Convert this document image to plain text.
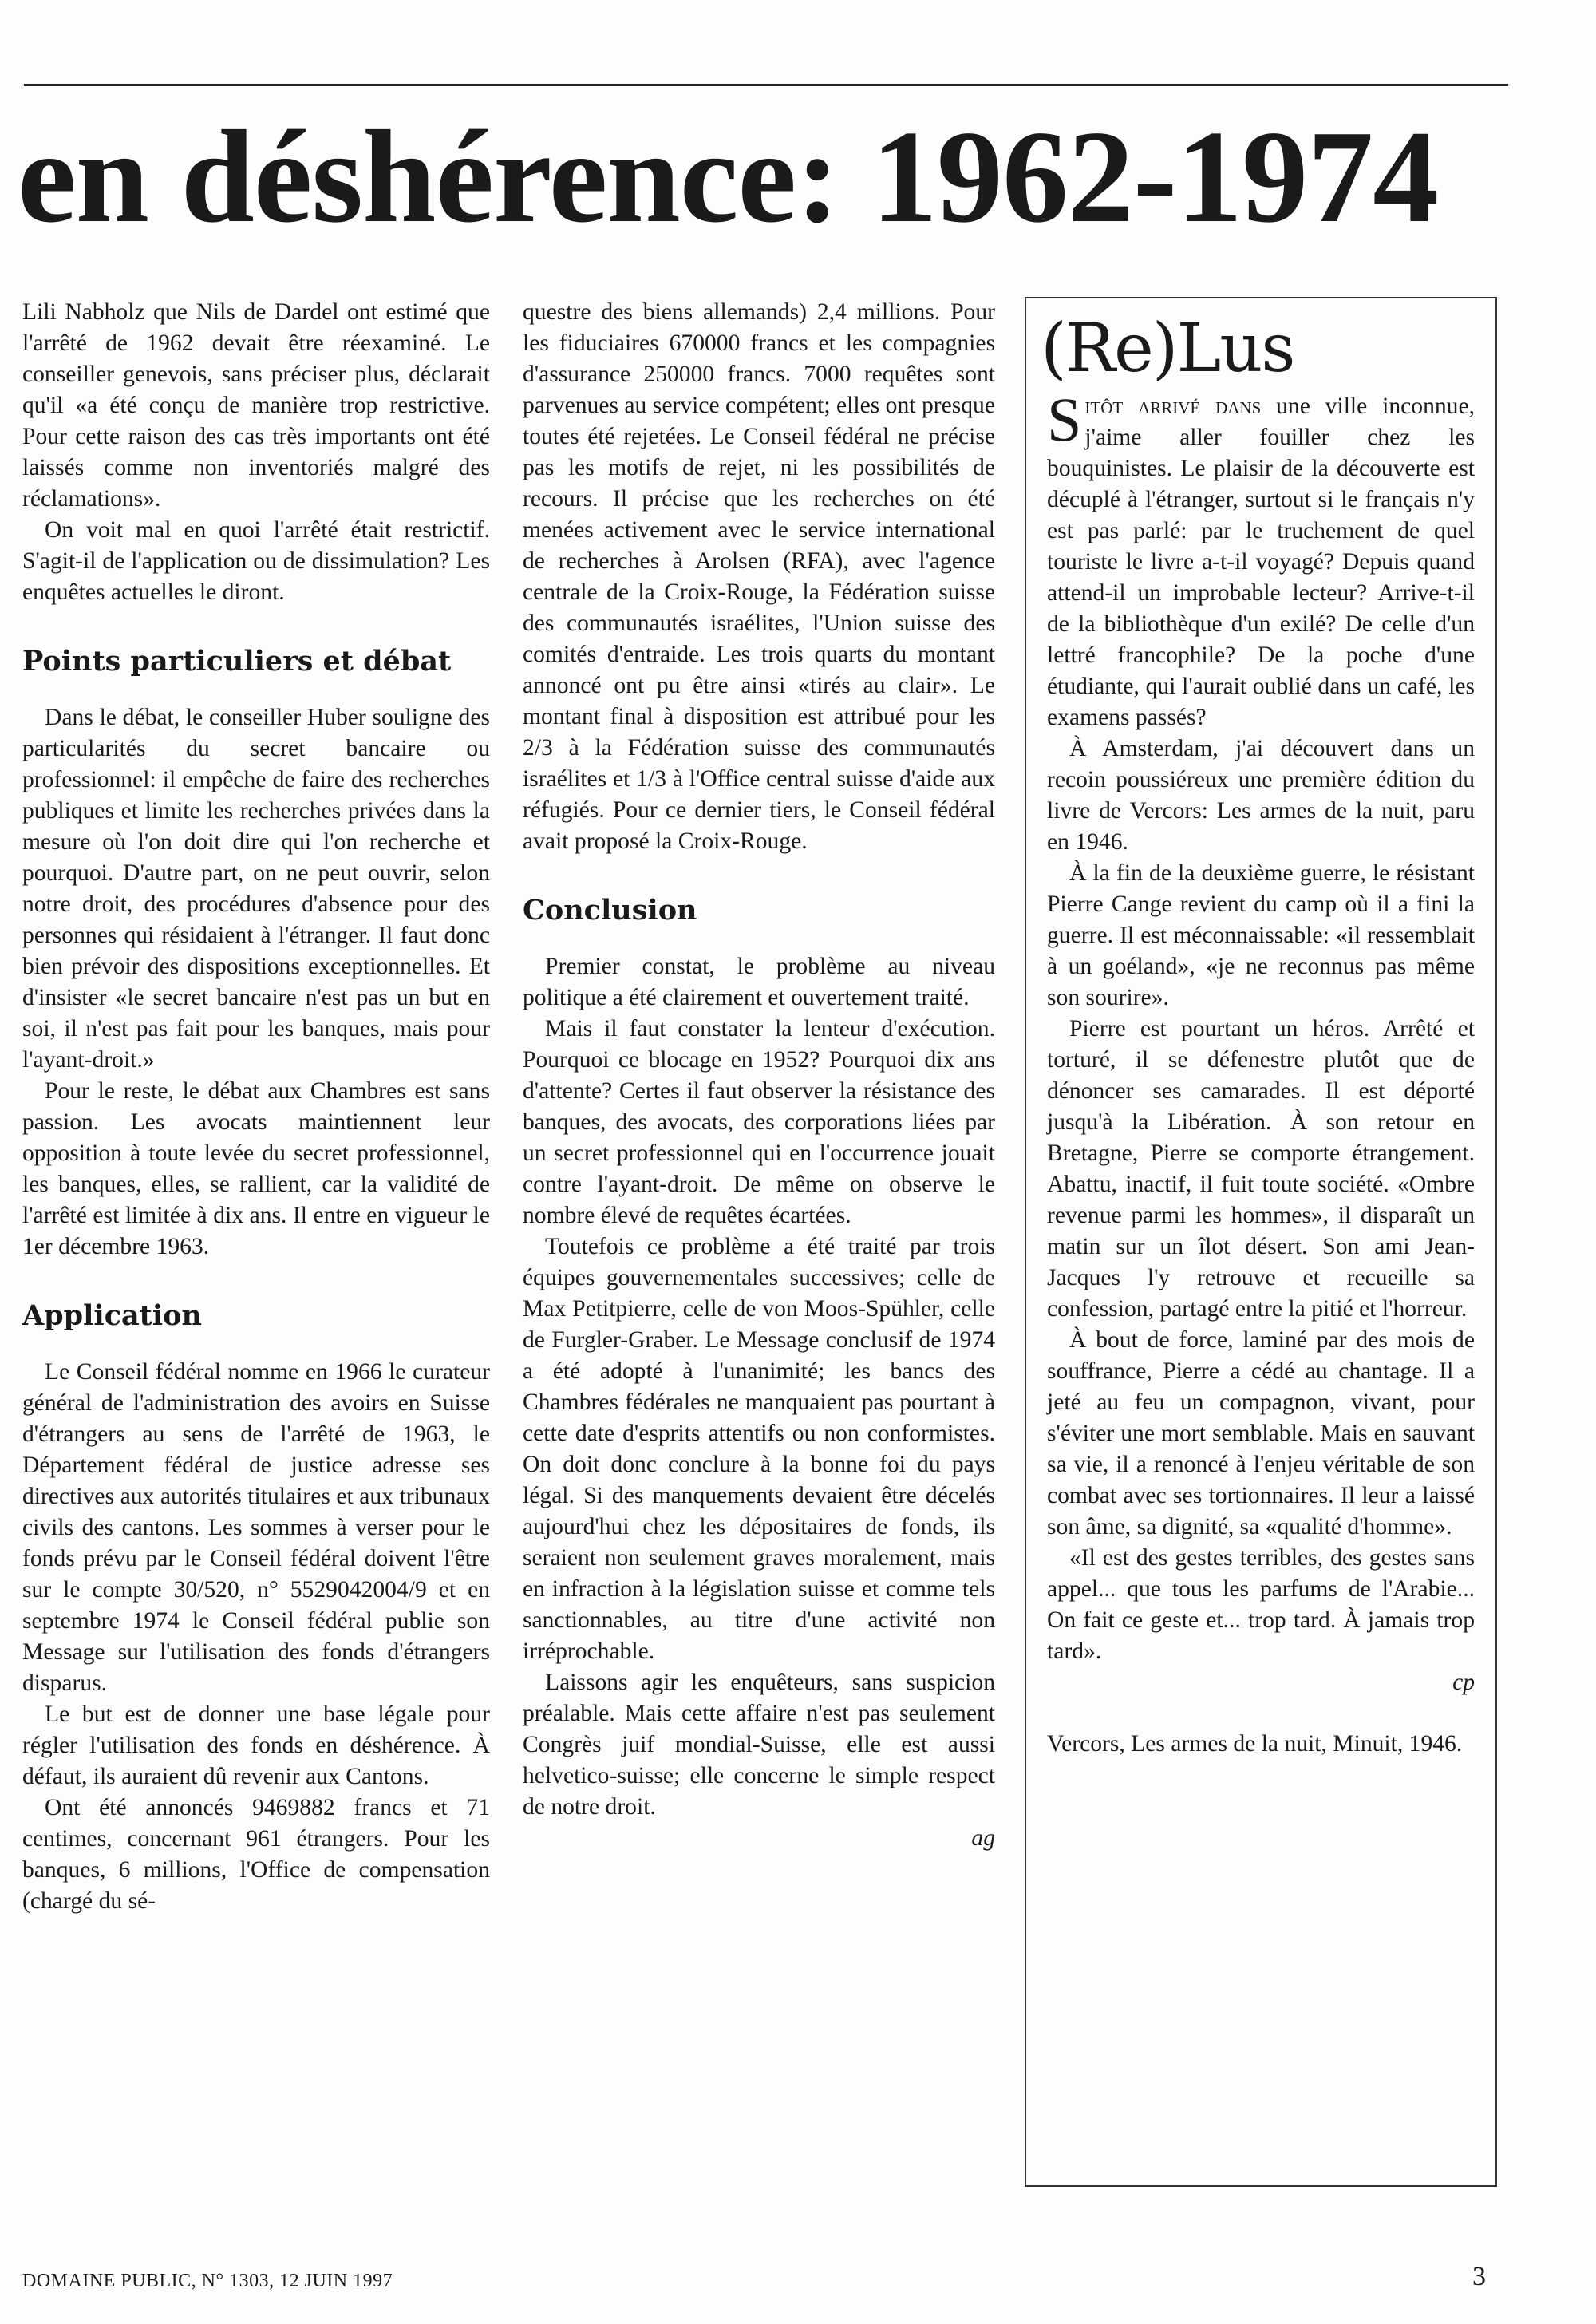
en déshérence: 1962-1974

Lili Nabholz que Nils de Dardel ont estimé que l'arrêté de 1962 devait être réexaminé. Le conseiller genevois, sans préciser plus, déclarait qu'il «a été conçu de manière trop restrictive. Pour cette raison des cas très importants ont été laissés comme non inventoriés malgré des réclamations».

On voit mal en quoi l'arrêté était restrictif. S'agit-il de l'application ou de dissimulation? Les enquêtes actuelles le diront.

Points particuliers et débat

Dans le débat, le conseiller Huber souligne des particularités du secret bancaire ou professionnel: il empêche de faire des recherches publiques et limite les recherches privées dans la mesure où l'on doit dire qui l'on recherche et pourquoi. D'autre part, on ne peut ouvrir, selon notre droit, des procédures d'absence pour des personnes qui résidaient à l'étranger. Il faut donc bien prévoir des dispositions exceptionnelles. Et d'insister «le secret bancaire n'est pas un but en soi, il n'est pas fait pour les banques, mais pour l'ayant-droit.»

Pour le reste, le débat aux Chambres est sans passion. Les avocats maintiennent leur opposition à toute levée du secret professionnel, les banques, elles, se rallient, car la validité de l'arrêté est limitée à dix ans. Il entre en vigueur le 1er décembre 1963.

Application

Le Conseil fédéral nomme en 1966 le curateur général de l'administration des avoirs en Suisse d'étrangers au sens de l'arrêté de 1963, le Département fédéral de justice adresse ses directives aux autorités titulaires et aux tribunaux civils des cantons. Les sommes à verser pour le fonds prévu par le Conseil fédéral doivent l'être sur le compte 30/520, n° 5529042004/9 et en septembre 1974 le Conseil fédéral publie son Message sur l'utilisation des fonds d'étrangers disparus.

Le but est de donner une base légale pour régler l'utilisation des fonds en déshérence. À défaut, ils auraient dû revenir aux Cantons.

Ont été annoncés 9469882 francs et 71 centimes, concernant 961 étrangers. Pour les banques, 6 millions, l'Office de compensation (chargé du sé-

questre des biens allemands) 2,4 millions. Pour les fiduciaires 670000 francs et les compagnies d'assurance 250000 francs. 7000 requêtes sont parvenues au service compétent; elles ont presque toutes été rejetées. Le Conseil fédéral ne précise pas les motifs de rejet, ni les possibilités de recours. Il précise que les recherches on été menées activement avec le service international de recherches à Arolsen (RFA), avec l'agence centrale de la Croix-Rouge, la Fédération suisse des communautés israélites, l'Union suisse des comités d'entraide. Les trois quarts du montant annoncé ont pu être ainsi «tirés au clair». Le montant final à disposition est attribué pour les 2/3 à la Fédération suisse des communautés israélites et 1/3 à l'Office central suisse d'aide aux réfugiés. Pour ce dernier tiers, le Conseil fédéral avait proposé la Croix-Rouge.

Conclusion

Premier constat, le problème au niveau politique a été clairement et ouvertement traité.

Mais il faut constater la lenteur d'exécution. Pourquoi ce blocage en 1952? Pourquoi dix ans d'attente? Certes il faut observer la résistance des banques, des avocats, des corporations liées par un secret professionnel qui en l'occurrence jouait contre l'ayant-droit. De même on observe le nombre élevé de requêtes écartées.

Toutefois ce problème a été traité par trois équipes gouvernementales successives; celle de Max Petitpierre, celle de von Moos-Spühler, celle de Furgler-Graber. Le Message conclusif de 1974 a été adopté à l'unanimité; les bancs des Chambres fédérales ne manquaient pas pourtant à cette date d'esprits attentifs ou non conformistes. On doit donc conclure à la bonne foi du pays légal. Si des manquements devaient être décelés aujourd'hui chez les dépositaires de fonds, ils seraient non seulement graves moralement, mais en infraction à la législation suisse et comme tels sanctionnables, au titre d'une activité non irréprochable.

Laissons agir les enquêteurs, sans suspicion préalable. Mais cette affaire n'est pas seulement Congrès juif mondial-Suisse, elle est aussi helvetico-suisse; elle concerne le simple respect de notre droit.

ag
(Re)Lus

Sitôt arrivé dans une ville inconnue, j'aime aller fouiller chez les bouquinistes. Le plaisir de la découverte est décuplé à l'étranger, surtout si le français n'y est pas parlé: par le truchement de quel touriste le livre a-t-il voyagé? Depuis quand attend-il un improbable lecteur? Arrive-t-il de la bibliothèque d'un exilé? De celle d'un lettré francophile? De la poche d'une étudiante, qui l'aurait oublié dans un café, les examens passés?

À Amsterdam, j'ai découvert dans un recoin poussiéreux une première édition du livre de Vercors: Les armes de la nuit, paru en 1946.

À la fin de la deuxième guerre, le résistant Pierre Cange revient du camp où il a fini la guerre. Il est méconnaissable: «il ressemblait à un goéland», «je ne reconnus pas même son sourire».

Pierre est pourtant un héros. Arrêté et torturé, il se défenestre plutôt que de dénoncer ses camarades. Il est déporté jusqu'à la Libération. À son retour en Bretagne, Pierre se comporte étrangement. Abattu, inactif, il fuit toute société. «Ombre revenue parmi les hommes», il disparaît un matin sur un îlot désert. Son ami Jean-Jacques l'y retrouve et recueille sa confession, partagé entre la pitié et l'horreur.

À bout de force, laminé par des mois de souffrance, Pierre a cédé au chantage. Il a jeté au feu un compagnon, vivant, pour s'éviter une mort semblable. Mais en sauvant sa vie, il a renoncé à l'enjeu véritable de son combat avec ses tortionnaires. Il leur a laissé son âme, sa dignité, sa «qualité d'homme».

«Il est des gestes terribles, des gestes sans appel... que tous les parfums de l'Arabie... On fait ce geste et... trop tard. À jamais trop tard».

cp

Vercors, Les armes de la nuit, Minuit, 1946.

DOMAINE PUBLIC, N° 1303, 12 JUIN 1997	3
